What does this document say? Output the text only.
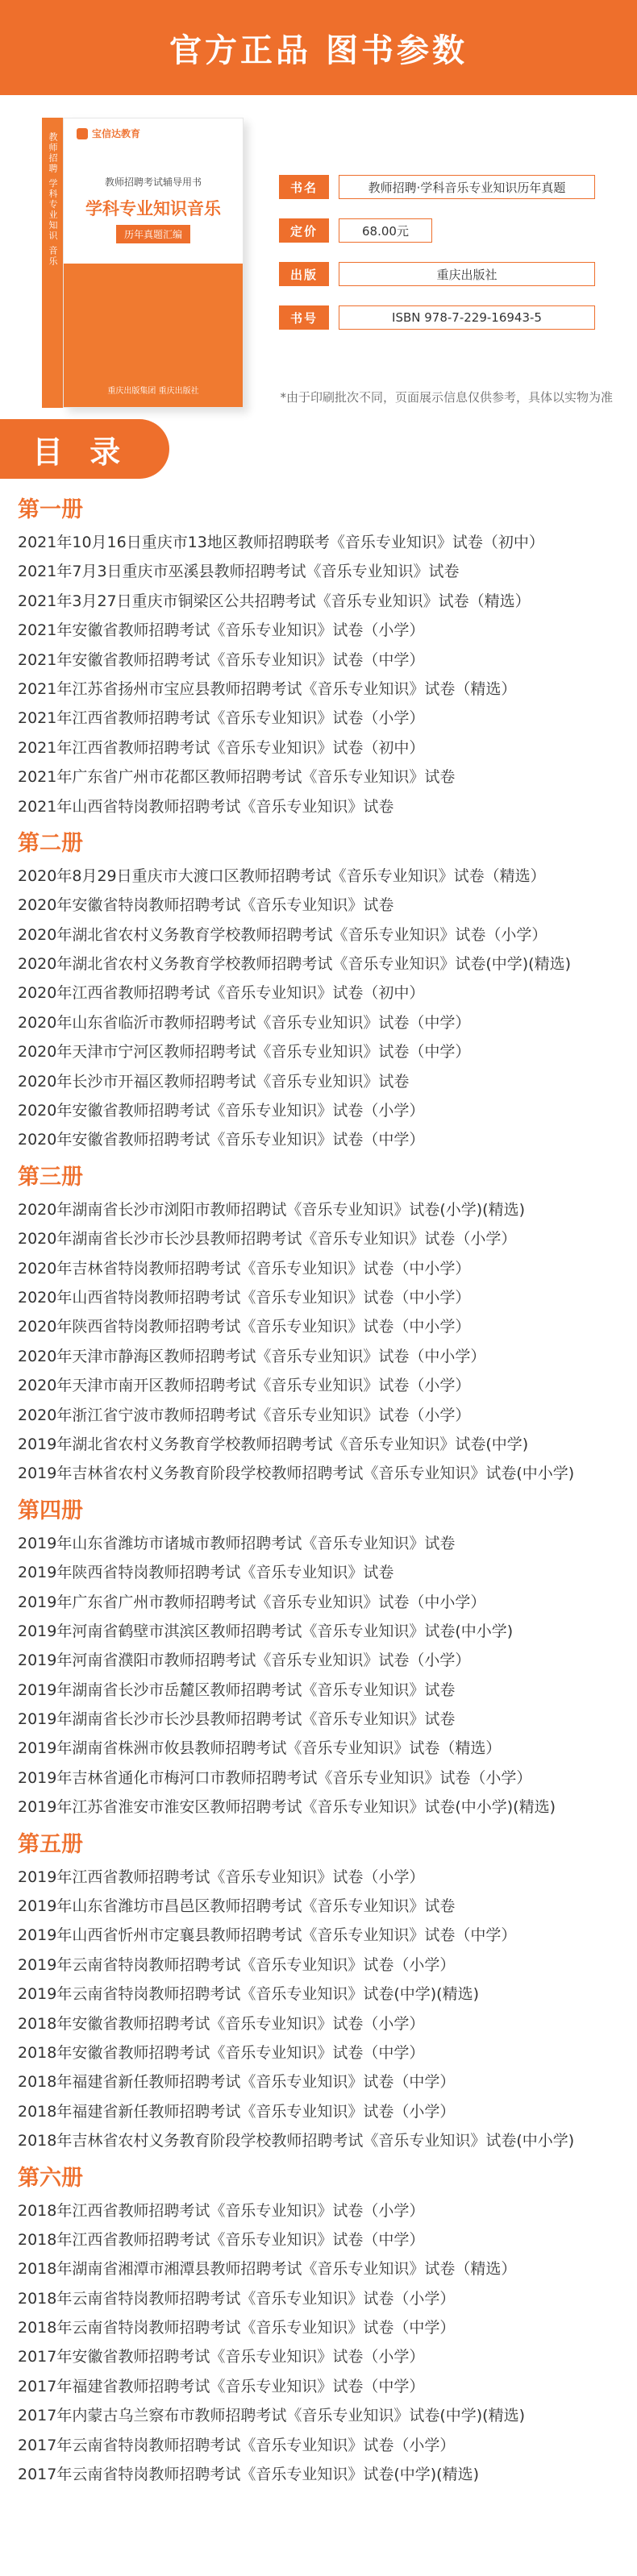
官方正品 图书参数
教师招聘 学科专业知识 音乐	宝信达教育
教师招聘考试辅导用书
学科专业知识音乐
历年真题汇编
重庆出版集团 重庆出版社
书名	教师招聘·学科音乐专业知识历年真题
定价	68.00元
出版	重庆出版社
书号	ISBN 978-7-229-16943-5
*由于印刷批次不同，页面展示信息仅供参考，具体以实物为准
目 录
第一册
2021年10月16日重庆市13地区教师招聘联考《音乐专业知识》试卷（初中）
2021年7月3日重庆市巫溪县教师招聘考试《音乐专业知识》试卷
2021年3月27日重庆市铜梁区公共招聘考试《音乐专业知识》试卷（精选）
2021年安徽省教师招聘考试《音乐专业知识》试卷（小学）
2021年安徽省教师招聘考试《音乐专业知识》试卷（中学）
2021年江苏省扬州市宝应县教师招聘考试《音乐专业知识》试卷（精选）
2021年江西省教师招聘考试《音乐专业知识》试卷（小学）
2021年江西省教师招聘考试《音乐专业知识》试卷（初中）
2021年广东省广州市花都区教师招聘考试《音乐专业知识》试卷
2021年山西省特岗教师招聘考试《音乐专业知识》试卷
第二册
2020年8月29日重庆市大渡口区教师招聘考试《音乐专业知识》试卷（精选）
2020年安徽省特岗教师招聘考试《音乐专业知识》试卷
2020年湖北省农村义务教育学校教师招聘考试《音乐专业知识》试卷（小学）
2020年湖北省农村义务教育学校教师招聘考试《音乐专业知识》试卷(中学)(精选)
2020年江西省教师招聘考试《音乐专业知识》试卷（初中）
2020年山东省临沂市教师招聘考试《音乐专业知识》试卷（中学）
2020年天津市宁河区教师招聘考试《音乐专业知识》试卷（中学）
2020年长沙市开福区教师招聘考试《音乐专业知识》试卷
2020年安徽省教师招聘考试《音乐专业知识》试卷（小学）
2020年安徽省教师招聘考试《音乐专业知识》试卷（中学）
第三册
2020年湖南省长沙市浏阳市教师招聘试《音乐专业知识》试卷(小学)(精选)
2020年湖南省长沙市长沙县教师招聘考试《音乐专业知识》试卷（小学）
2020年吉林省特岗教师招聘考试《音乐专业知识》试卷（中小学）
2020年山西省特岗教师招聘考试《音乐专业知识》试卷（中小学）
2020年陕西省特岗教师招聘考试《音乐专业知识》试卷（中小学）
2020年天津市静海区教师招聘考试《音乐专业知识》试卷（中小学）
2020年天津市南开区教师招聘考试《音乐专业知识》试卷（小学）
2020年浙江省宁波市教师招聘考试《音乐专业知识》试卷（小学）
2019年湖北省农村义务教育学校教师招聘考试《音乐专业知识》试卷(中学)
2019年吉林省农村义务教育阶段学校教师招聘考试《音乐专业知识》试卷(中小学)
第四册
2019年山东省潍坊市诸城市教师招聘考试《音乐专业知识》试卷
2019年陕西省特岗教师招聘考试《音乐专业知识》试卷
2019年广东省广州市教师招聘考试《音乐专业知识》试卷（中小学）
2019年河南省鹤壁市淇滨区教师招聘考试《音乐专业知识》试卷(中小学)
2019年河南省濮阳市教师招聘考试《音乐专业知识》试卷（小学）
2019年湖南省长沙市岳麓区教师招聘考试《音乐专业知识》试卷
2019年湖南省长沙市长沙县教师招聘考试《音乐专业知识》试卷
2019年湖南省株洲市攸县教师招聘考试《音乐专业知识》试卷（精选）
2019年吉林省通化市梅河口市教师招聘考试《音乐专业知识》试卷（小学）
2019年江苏省淮安市淮安区教师招聘考试《音乐专业知识》试卷(中小学)(精选)
第五册
2019年江西省教师招聘考试《音乐专业知识》试卷（小学）
2019年山东省潍坊市昌邑区教师招聘考试《音乐专业知识》试卷
2019年山西省忻州市定襄县教师招聘考试《音乐专业知识》试卷（中学）
2019年云南省特岗教师招聘考试《音乐专业知识》试卷（小学）
2019年云南省特岗教师招聘考试《音乐专业知识》试卷(中学)(精选)
2018年安徽省教师招聘考试《音乐专业知识》试卷（小学）
2018年安徽省教师招聘考试《音乐专业知识》试卷（中学）
2018年福建省新任教师招聘考试《音乐专业知识》试卷（中学）
2018年福建省新任教师招聘考试《音乐专业知识》试卷（小学）
2018年吉林省农村义务教育阶段学校教师招聘考试《音乐专业知识》试卷(中小学)
第六册
2018年江西省教师招聘考试《音乐专业知识》试卷（小学）
2018年江西省教师招聘考试《音乐专业知识》试卷（中学）
2018年湖南省湘潭市湘潭县教师招聘考试《音乐专业知识》试卷（精选）
2018年云南省特岗教师招聘考试《音乐专业知识》试卷（小学）
2018年云南省特岗教师招聘考试《音乐专业知识》试卷（中学）
2017年安徽省教师招聘考试《音乐专业知识》试卷（小学）
2017年福建省教师招聘考试《音乐专业知识》试卷（中学）
2017年内蒙古乌兰察布市教师招聘考试《音乐专业知识》试卷(中学)(精选)
2017年云南省特岗教师招聘考试《音乐专业知识》试卷（小学）
2017年云南省特岗教师招聘考试《音乐专业知识》试卷(中学)(精选)
